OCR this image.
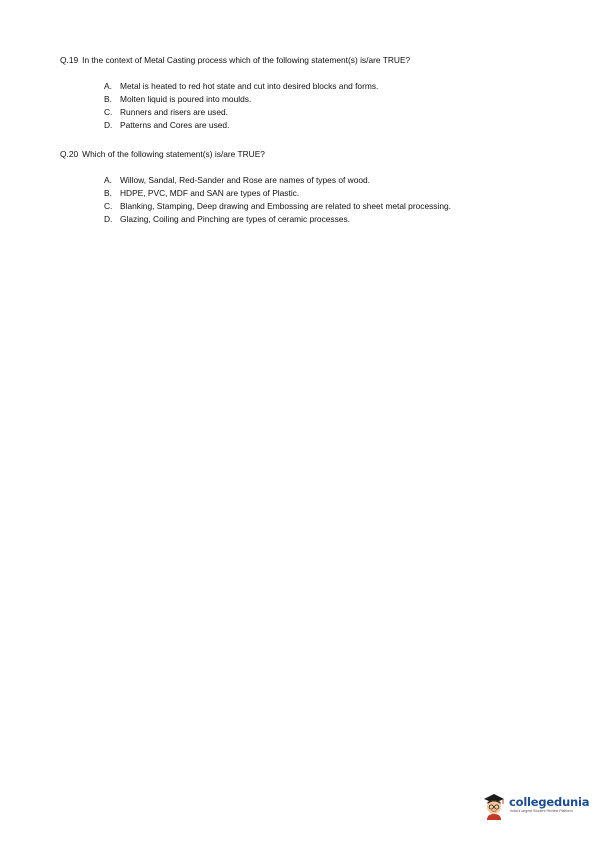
Q.19 In the context of Metal Casting process which of the following statement(s) is/are TRUE?

A. Metal is heated to red hot state and cut into desired blocks and forms.
B. Molten liquid is poured into moulds.
C. Runners and risers are used.
D. Patterns and Cores are used.

Q.20 Which of the following statement(s) is/are TRUE?

A. Willow, Sandal, Red-Sander and Rose are names of types of wood.
B. HDPE, PVC, MDF and SAN are types of Plastic.
C. Blanking, Stamping, Deep drawing and Embossing are related to sheet metal processing.
D. Glazing, Coiling and Pinching are types of ceramic processes.
collegedunia
India's largest Student Review Platform
